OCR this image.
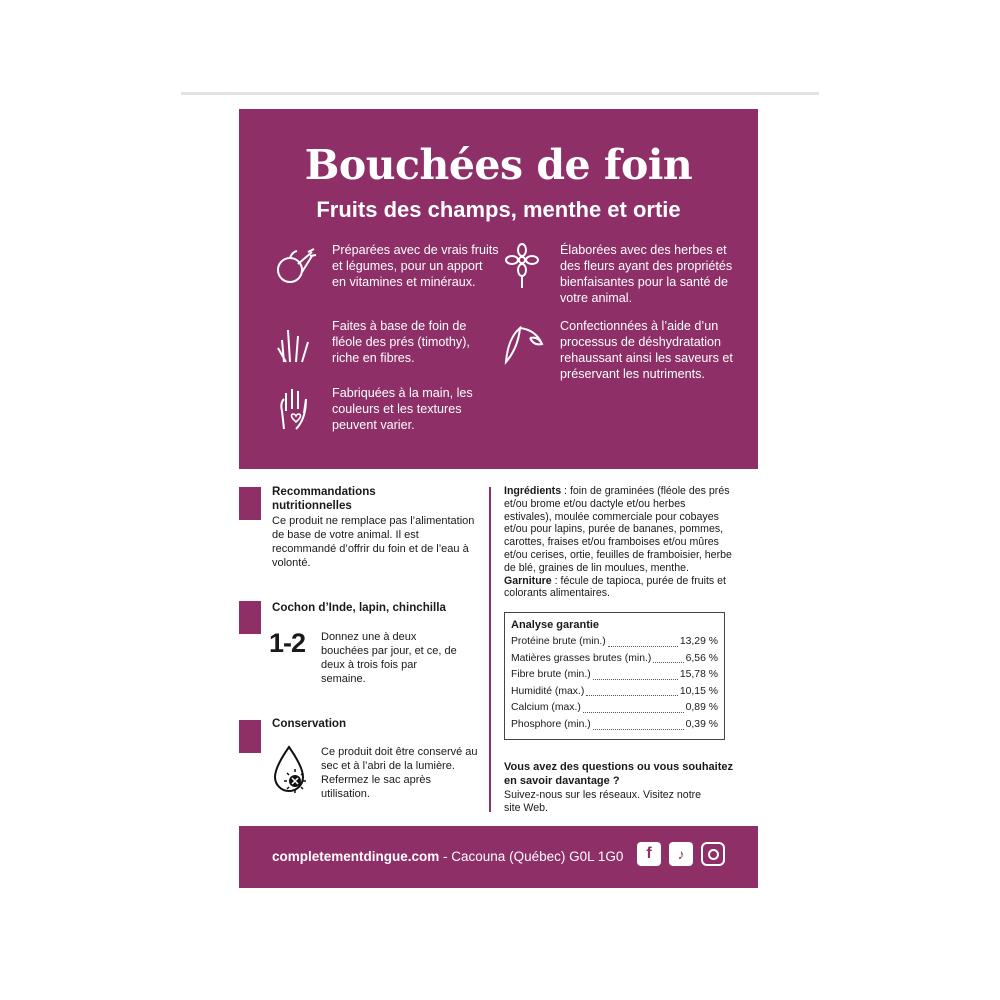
Bouchées de foin
Fruits des champs, menthe et ortie
Préparées avec de vrais fruits et légumes, pour un apport en vitamines et minéraux.
Faites à base de foin de fléole des prés (timothy), riche en fibres.
Fabriquées à la main, les couleurs et les textures peuvent varier.
Élaborées avec des herbes et des fleurs ayant des propriétés bienfaisantes pour la santé de votre animal.
Confectionnées à l’aide d’un processus de déshydratation rehaussant ainsi les saveurs et préservant les nutriments.
Recommandations nutritionnelles
Ce produit ne remplace pas l’alimentation de base de votre animal. Il est recommandé d’offrir du foin et de l’eau à volonté.
Cochon d’Inde, lapin, chinchilla
1-2 Donnez une à deux bouchées par jour, et ce, de deux à trois fois par semaine.
Conservation
Ce produit doit être conservé au sec et à l’abri de la lumière. Refermez le sac après utilisation.
Ingrédients : foin de graminées (fléole des prés et/ou brome et/ou dactyle et/ou herbes estivales), moulée commerciale pour cobayes et/ou pour lapins, purée de bananes, pommes, carottes, fraises et/ou framboises et/ou mûres et/ou cerises, ortie, feuilles de framboisier, herbe de blé, graines de lin moulues, menthe.
Garniture : fécule de tapioca, purée de fruits et colorants alimentaires.
Analyse garantie
Protéine brute (min.)	13,29 %
Matières grasses brutes (min.)	6,56 %
Fibre brute (min.)	15,78 %
Humidité (max.)	10,15 %
Calcium (max.)	0,89 %
Phosphore (min.)	0,39 %
Vous avez des questions ou vous souhaitez en savoir davantage ?
Suivez-nous sur les réseaux. Visitez notre site Web.
completementdingue.com - Cacouna (Québec) G0L 1G0	f	♪
